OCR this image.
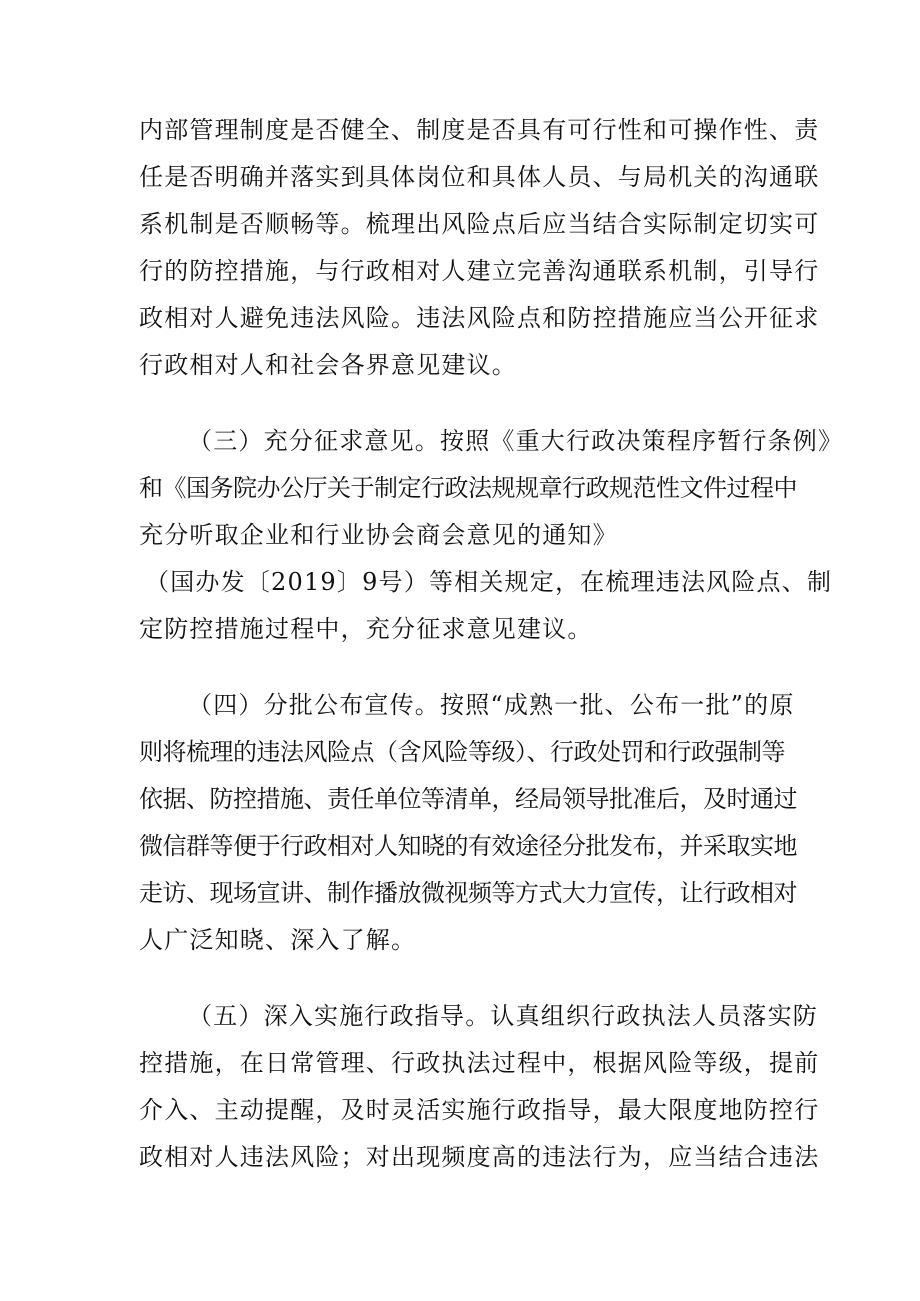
内部管理制度是否健全、制度是否具有可行性和可操作性、责

任是否明确并落实到具体岗位和具体人员、与局机关的沟通联

系机制是否顺畅等。梳理出风险点后应当结合实际制定切实可

行的防控措施，与行政相对人建立完善沟通联系机制，引导行

政相对人避免违法风险。违法风险点和防控措施应当公开征求

行政相对人和社会各界意见建议。

（三）充分征求意见。按照《重大行政决策程序暂行条例》

和《国务院办公厅关于制定行政法规规章行政规范性文件过程中

充分听取企业和行业协会商会意见的通知》

（国办发〔2019〕9号）等相关规定，在梳理违法风险点、制

定防控措施过程中，充分征求意见建议。

（四）分批公布宣传。按照“成熟一批、公布一批”的原

则将梳理的违法风险点（含风险等级）、行政处罚和行政强制等

依据、防控措施、责任单位等清单，经局领导批准后，及时通过

微信群等便于行政相对人知晓的有效途径分批发布，并采取实地

走访、现场宣讲、制作播放微视频等方式大力宣传，让行政相对

人广泛知晓、深入了解。

（五）深入实施行政指导。认真组织行政执法人员落实防

控措施，在日常管理、行政执法过程中，根据风险等级，提前

介入、主动提醒，及时灵活实施行政指导，最大限度地防控行

政相对人违法风险；对出现频度高的违法行为，应当结合违法
